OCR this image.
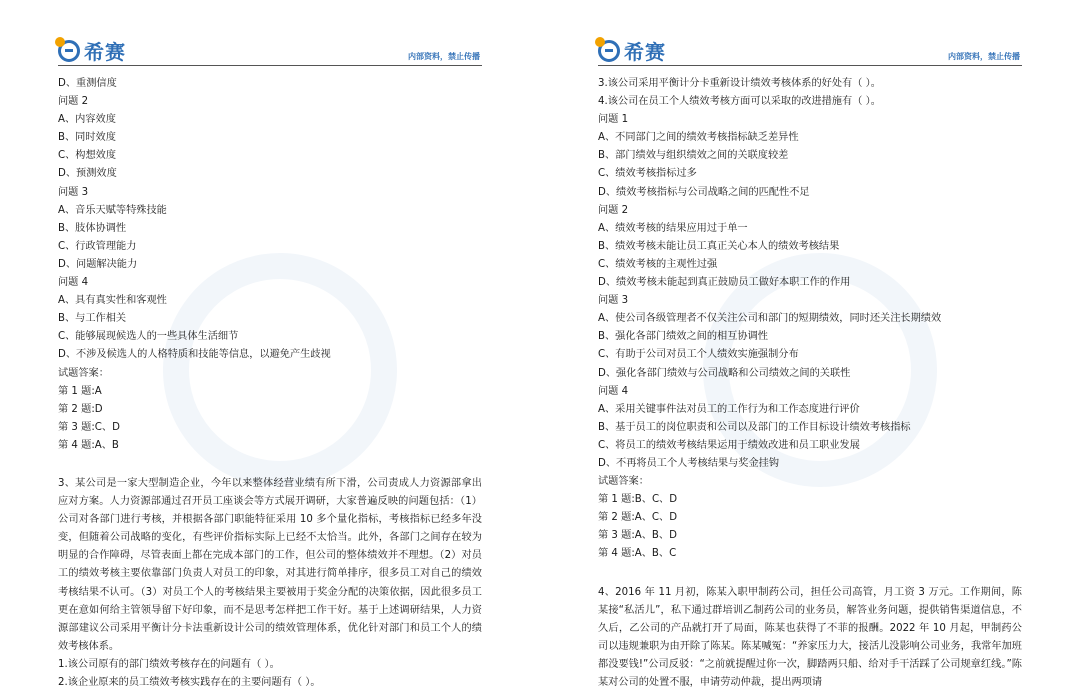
希赛	内部资料，禁止传播
D、重测信度
问题 2
A、内容效度
B、同时效度
C、构想效度
D、预测效度
问题 3
A、音乐天赋等特殊技能
B、肢体协调性
C、行政管理能力
D、问题解决能力
问题 4
A、具有真实性和客观性
B、与工作相关
C、能够展现候选人的一些具体生活细节
D、不涉及候选人的人格特质和技能等信息，以避免产生歧视
试题答案：
第 1 题:A
第 2 题:D
第 3 题:C、D
第 4 题:A、B
3、某公司是一家大型制造企业，今年以来整体经营业绩有所下滑，公司责成人力资源部拿出应对方案。人力资源部通过召开员工座谈会等方式展开调研，大家普遍反映的问题包括：（1）公司对各部门进行考核，并根据各部门职能特征采用 10 多个量化指标，考核指标已经多年没变，但随着公司战略的变化，有些评价指标实际上已经不太恰当。此外，各部门之间存在较为明显的合作障碍，尽管表面上都在完成本部门的工作，但公司的整体绩效并不理想。（2）对员工的绩效考核主要依靠部门负责人对员工的印象，对其进行简单排序，很多员工对自己的绩效考核结果不认可。（3）对员工个人的考核结果主要被用于奖金分配的决策依据，因此很多员工更在意如何给主管领导留下好印象，而不是思考怎样把工作干好。基于上述调研结果，人力资源部建议公司采用平衡计分卡法重新设计公司的绩效管理体系，优化针对部门和员工个人的绩效考核体系。
1.该公司原有的部门绩效考核存在的问题有（ ）。
2.该企业原来的员工绩效考核实践存在的主要问题有（ ）。
希赛	内部资料，禁止传播
3.该公司采用平衡计分卡重新设计绩效考核体系的好处有（ ）。
4.该公司在员工个人绩效考核方面可以采取的改进措施有（ ）。
问题 1
A、不同部门之间的绩效考核指标缺乏差异性
B、部门绩效与组织绩效之间的关联度较差
C、绩效考核指标过多
D、绩效考核指标与公司战略之间的匹配性不足
问题 2
A、绩效考核的结果应用过于单一
B、绩效考核未能让员工真正关心本人的绩效考核结果
C、绩效考核的主观性过强
D、绩效考核未能起到真正鼓励员工做好本职工作的作用
问题 3
A、使公司各级管理者不仅关注公司和部门的短期绩效，同时还关注长期绩效
B、强化各部门绩效之间的相互协调性
C、有助于公司对员工个人绩效实施强制分布
D、强化各部门绩效与公司战略和公司绩效之间的关联性
问题 4
A、采用关键事件法对员工的工作行为和工作态度进行评价
B、基于员工的岗位职责和公司以及部门的工作目标设计绩效考核指标
C、将员工的绩效考核结果运用于绩效改进和员工职业发展
D、不再将员工个人考核结果与奖金挂钩
试题答案：
第 1 题:B、C、D
第 2 题:A、C、D
第 3 题:A、B、D
第 4 题:A、B、C
4、2016 年 11 月初，陈某入职甲制药公司，担任公司高管，月工资 3 万元。工作期间，陈某接“私活儿”，私下通过群培训乙制药公司的业务员，解答业务问题，提供销售渠道信息，不久后，乙公司的产品就打开了局面，陈某也获得了不菲的报酬。2022 年 10 月起，甲制药公司以违规兼职为由开除了陈某。陈某喊冤：“养家压力大，接活儿没影响公司业务，我常年加班都没要钱!”公司反驳：“之前就提醒过你一次，脚踏两只船、给对手干活踩了公司规章红线。”陈某对公司的处置不服，申请劳动仲裁，提出两项请
